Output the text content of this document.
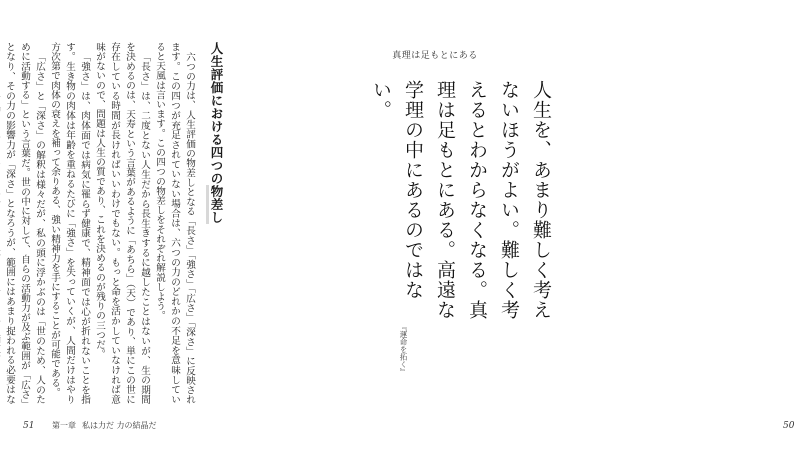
人生評価における四つの物差し

六つの力は、人生評価の物差しとなる「長さ」「強さ」「広さ」「深さ」に反映されます。この四つが充足されていない場合は、六つの力のどれかの不足を意味していると天風は言います。この四つの物差しをそれぞれ解説しよう。

「長さ」は、二度とない人生だから長生きするに越したことはないが、生の期間を決めるのは、天寿という言葉があるように「あちら」（天）であり、単にこの世に存在している時間が長ければいいわけでもない。もっと命を活かしていなければ意味がないので、問題は人生の質であり、これを決めるのが残りの三つだ。

「強さ」は、肉体面では病気に罹らず健康で、精神面では心が折れないことを指す。生き物の肉体は年齢を重ねるたびに「強さ」を失っていくが、人間だけはやり方次第で肉体の衰えを補って余りある、強い精神力を手にすることが可能である。

「広さ」と「深さ」の解釈は様々だが、私の頭に浮かぶのは「世のため、人のために活動する」という言葉だ。世の中に対して、自らの活動力が及ぶ範囲が「広さ」となり、その力の影響力が「深さ」となろうが、範囲にはあまり捉われる必要はな

51 第一章 私は力だ 力の結晶だ
真理は足もとにある
人生を、あまり難しく考えないほうがよい。難しく考えるとわからなくなる。真理は足もとにある。高遠な学理の中にあるのではない。
『運命を拓く』
50
